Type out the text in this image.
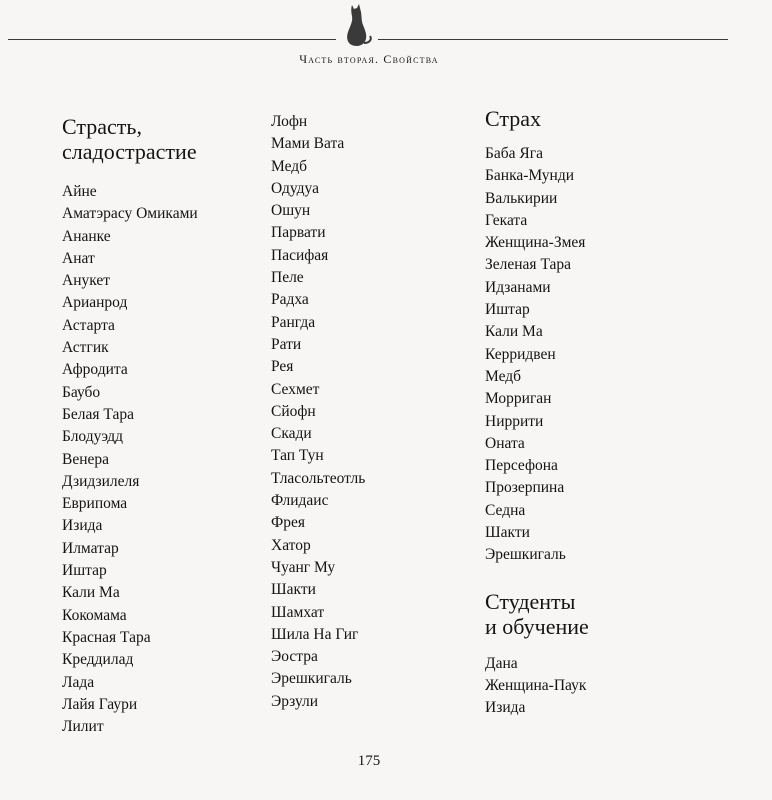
Часть вторая. Свойства

Страсть,
сладострастие
Айне
Аматэрасу Омиками
Ананке
Анат
Анукет
Арианрод
Астарта
Астгик
Афродита
Баубо
Белая Тара
Блодуэдд
Венера
Дзидзилеля
Еврипома
Изида
Илматар
Иштар
Кали Ма
Кокомама
Красная Тара
Креддилад
Лада
Лайя Гаури
Лилит
Лофн
Мами Вата
Медб
Одудуа
Ошун
Парвати
Пасифая
Пеле
Радха
Рангда
Рати
Рея
Сехмет
Сйофн
Скади
Тап Тун
Тласольтеотль
Флидаис
Фрея
Хатор
Чуанг Му
Шакти
Шамхат
Шила На Гиг
Эостра
Эрешкигаль
Эрзули
Страх
Баба Яга
Банка-Мунди
Валькирии
Геката
Женщина-Змея
Зеленая Тара
Идзанами
Иштар
Кали Ма
Керридвен
Медб
Морриган
Ниррити
Оната
Персефона
Прозерпина
Седна
Шакти
Эрешкигаль
Студенты
и обучение
Дана
Женщина-Паук
Изида
175
